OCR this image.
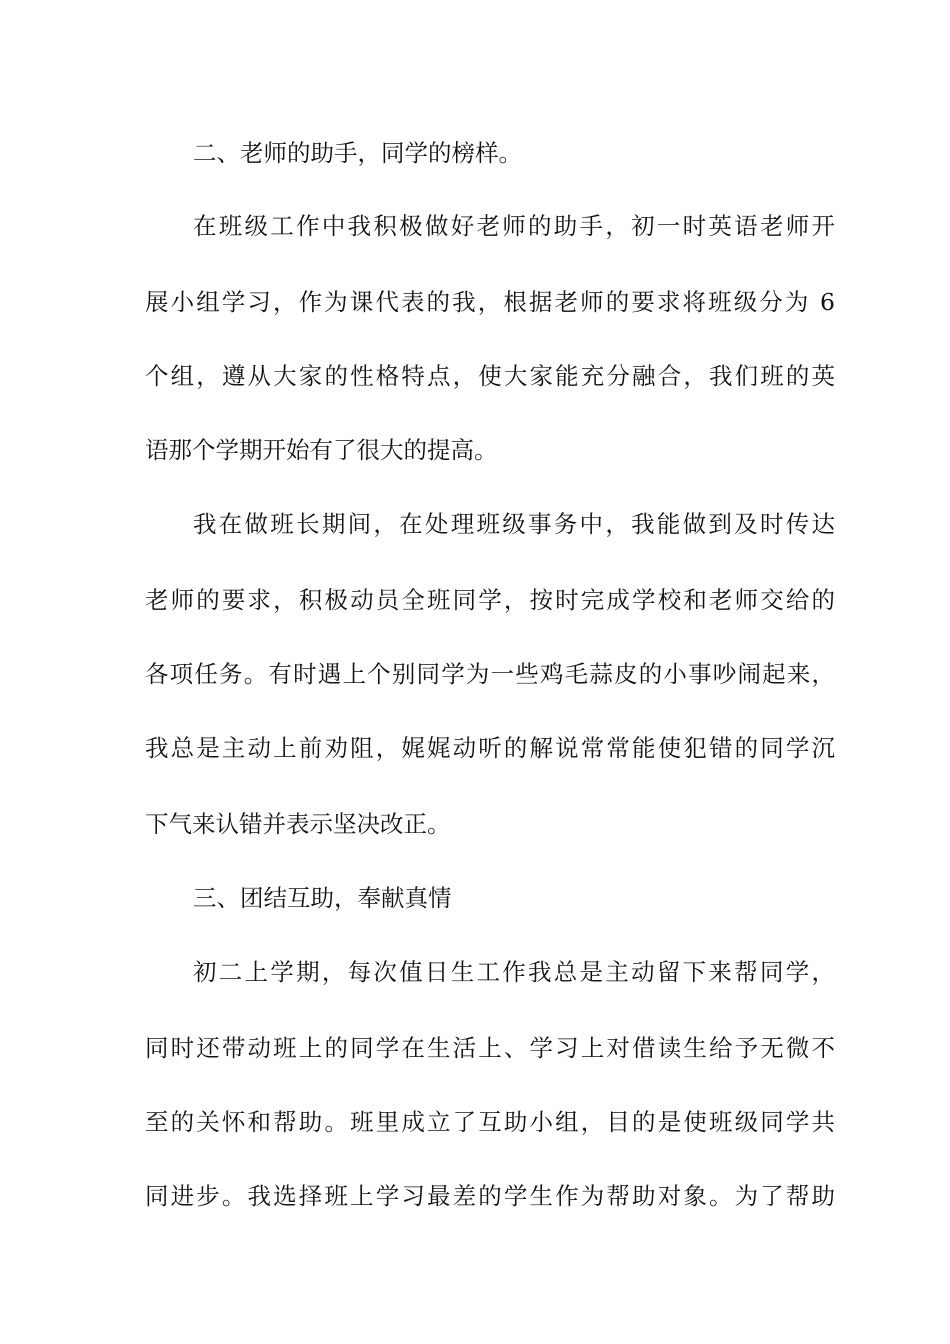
二、老师的助手，同学的榜样。
在班级工作中我积极做好老师的助手，初一时英语老师开
展小组学习，作为课代表的我，根据老师的要求将班级分为 6
个组，遵从大家的性格特点，使大家能充分融合，我们班的英
语那个学期开始有了很大的提高。
我在做班长期间，在处理班级事务中，我能做到及时传达
老师的要求，积极动员全班同学，按时完成学校和老师交给的
各项任务。有时遇上个别同学为一些鸡毛蒜皮的小事吵闹起来，
我总是主动上前劝阻，娓娓动听的解说常常能使犯错的同学沉
下气来认错并表示坚决改正。
三、团结互助，奉献真情
初二上学期，每次值日生工作我总是主动留下来帮同学，
同时还带动班上的同学在生活上、学习上对借读生给予无微不
至的关怀和帮助。班里成立了互助小组，目的是使班级同学共
同进步。我选择班上学习最差的学生作为帮助对象。为了帮助
